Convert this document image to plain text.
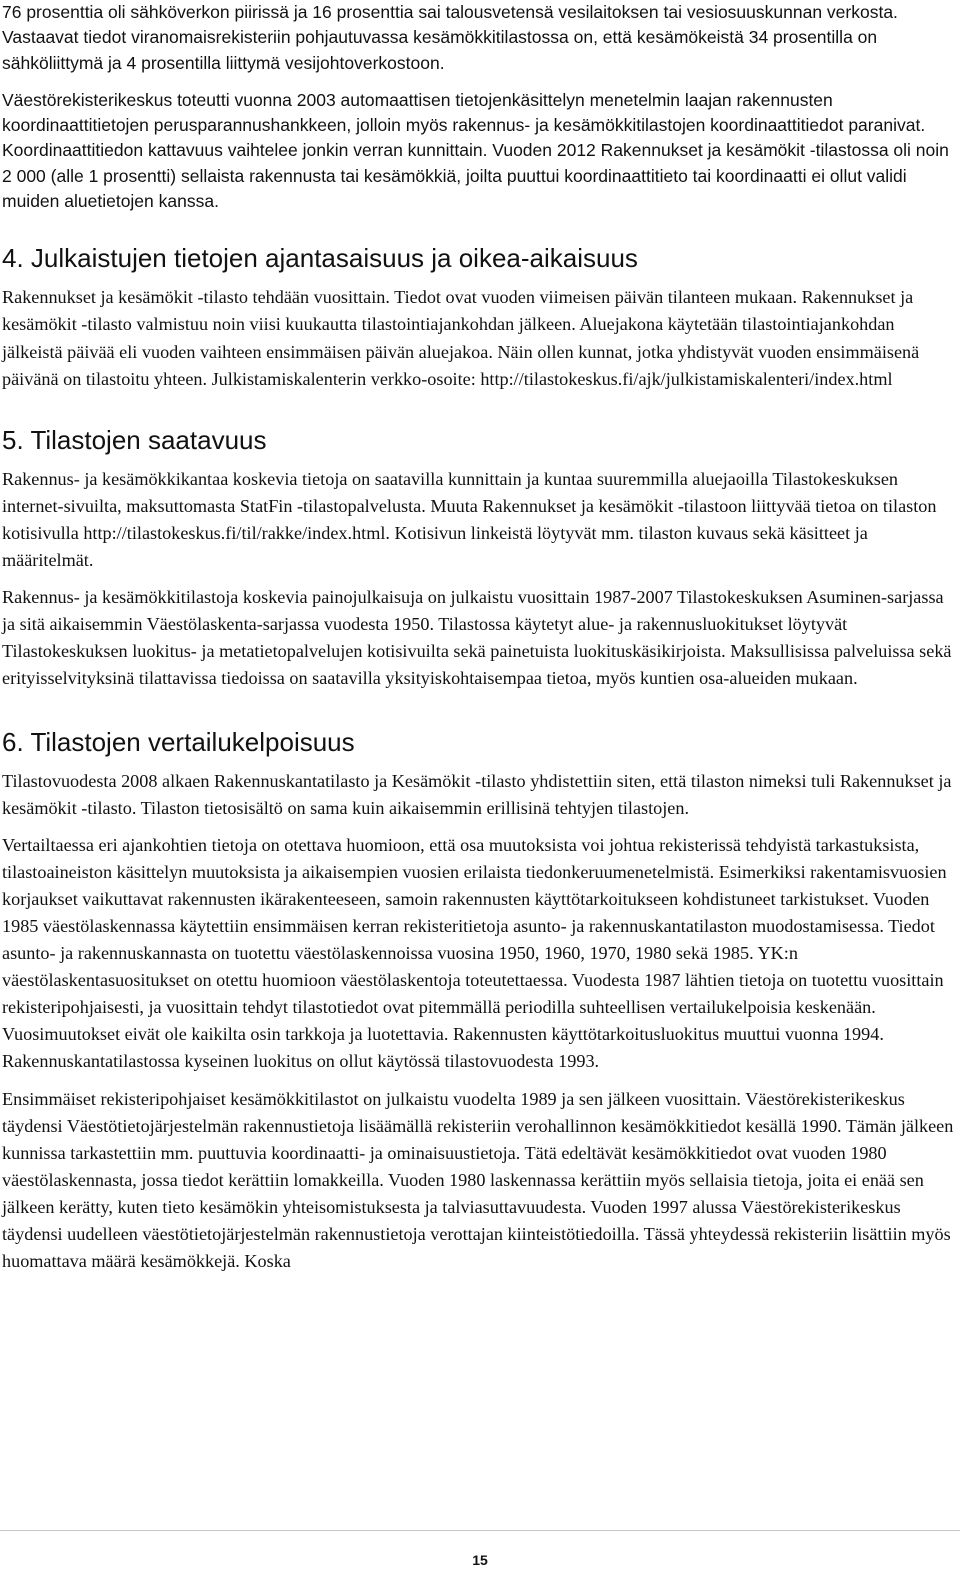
76 prosenttia oli sähköverkon piirissä ja 16 prosenttia sai talousvetensä vesilaitoksen tai vesiosuuskunnan verkosta. Vastaavat tiedot viranomaisrekisteriin pohjautuvassa kesämökkitilastossa on, että kesämökeistä 34 prosentilla on sähköliittymä ja 4 prosentilla liittymä vesijohtoverkostoon.

Väestörekisterikeskus toteutti vuonna 2003 automaattisen tietojenkäsittelyn menetelmin laajan rakennusten koordinaattitietojen perusparannushankkeen, jolloin myös rakennus- ja kesämökkitilastojen koordinaattitiedot paranivat. Koordinaattitiedon kattavuus vaihtelee jonkin verran kunnittain. Vuoden 2012 Rakennukset ja kesämökit -tilastossa oli noin 2 000 (alle 1 prosentti) sellaista rakennusta tai kesämökkiä, joilta puuttui koordinaattitieto tai koordinaatti ei ollut validi muiden aluetietojen kanssa.

4. Julkaistujen tietojen ajantasaisuus ja oikea-aikaisuus

Rakennukset ja kesämökit -tilasto tehdään vuosittain. Tiedot ovat vuoden viimeisen päivän tilanteen mukaan. Rakennukset ja kesämökit -tilasto valmistuu noin viisi kuukautta tilastointiajankohdan jälkeen. Aluejakona käytetään tilastointiajankohdan jälkeistä päivää eli vuoden vaihteen ensimmäisen päivän aluejakoa. Näin ollen kunnat, jotka yhdistyvät vuoden ensimmäisenä päivänä on tilastoitu yhteen. Julkistamiskalenterin verkko-osoite: http://tilastokeskus.fi/ajk/julkistamiskalenteri/index.html

5. Tilastojen saatavuus

Rakennus- ja kesämökkikantaa koskevia tietoja on saatavilla kunnittain ja kuntaa suuremmilla aluejaoilla Tilastokeskuksen internet-sivuilta, maksuttomasta StatFin -tilastopalvelusta. Muuta Rakennukset ja kesämökit -tilastoon liittyvää tietoa on tilaston kotisivulla http://tilastokeskus.fi/til/rakke/index.html. Kotisivun linkeistä löytyvät mm. tilaston kuvaus sekä käsitteet ja määritelmät.

Rakennus- ja kesämökkitilastoja koskevia painojulkaisuja on julkaistu vuosittain 1987-2007 Tilastokeskuksen Asuminen-sarjassa ja sitä aikaisemmin Väestölaskenta-sarjassa vuodesta 1950. Tilastossa käytetyt alue- ja rakennusluokitukset löytyvät Tilastokeskuksen luokitus- ja metatietopalvelujen kotisivuilta sekä painetuista luokituskäsikirjoista. Maksullisissa palveluissa sekä erityisselvityksinä tilattavissa tiedoissa on saatavilla yksityiskohtaisempaa tietoa, myös kuntien osa-alueiden mukaan.

6. Tilastojen vertailukelpoisuus

Tilastovuodesta 2008 alkaen Rakennuskantatilasto ja Kesämökit -tilasto yhdistettiin siten, että tilaston nimeksi tuli Rakennukset ja kesämökit -tilasto. Tilaston tietosisältö on sama kuin aikaisemmin erillisinä tehtyjen tilastojen.

Vertailtaessa eri ajankohtien tietoja on otettava huomioon, että osa muutoksista voi johtua rekisterissä tehdyistä tarkastuksista, tilastoaineiston käsittelyn muutoksista ja aikaisempien vuosien erilaista tiedonkeruumenetelmistä. Esimerkiksi rakentamisvuosien korjaukset vaikuttavat rakennusten ikärakenteeseen, samoin rakennusten käyttötarkoitukseen kohdistuneet tarkistukset. Vuoden 1985 väestölaskennassa käytettiin ensimmäisen kerran rekisteritietoja asunto- ja rakennuskantatilaston muodostamisessa. Tiedot asunto- ja rakennuskannasta on tuotettu väestölaskennoissa vuosina 1950, 1960, 1970, 1980 sekä 1985. YK:n väestölaskentasuositukset on otettu huomioon väestölaskentoja toteutettaessa. Vuodesta 1987 lähtien tietoja on tuotettu vuosittain rekisteripohjaisesti, ja vuosittain tehdyt tilastotiedot ovat pitemmällä periodilla suhteellisen vertailukelpoisia keskenään. Vuosimuutokset eivät ole kaikilta osin tarkkoja ja luotettavia. Rakennusten käyttötarkoitusluokitus muuttui vuonna 1994. Rakennuskantatilastossa kyseinen luokitus on ollut käytössä tilastovuodesta 1993.

Ensimmäiset rekisteripohjaiset kesämökkitilastot on julkaistu vuodelta 1989 ja sen jälkeen vuosittain. Väestörekisterikeskus täydensi Väestötietojärjestelmän rakennustietoja lisäämällä rekisteriin verohallinnon kesämökkitiedot kesällä 1990. Tämän jälkeen kunnissa tarkastettiin mm. puuttuvia koordinaatti- ja ominaisuustietoja. Tätä edeltävät kesämökkitiedot ovat vuoden 1980 väestölaskennasta, jossa tiedot kerättiin lomakkeilla. Vuoden 1980 laskennassa kerättiin myös sellaisia tietoja, joita ei enää sen jälkeen kerätty, kuten tieto kesämökin yhteisomistuksesta ja talviasuttavuudesta. Vuoden 1997 alussa Väestörekisterikeskus täydensi uudelleen väestötietojärjestelmän rakennustietoja verottajan kiinteistötiedoilla. Tässä yhteydessä rekisteriin lisättiin myös huomattava määrä kesämökkejä. Koska

15
